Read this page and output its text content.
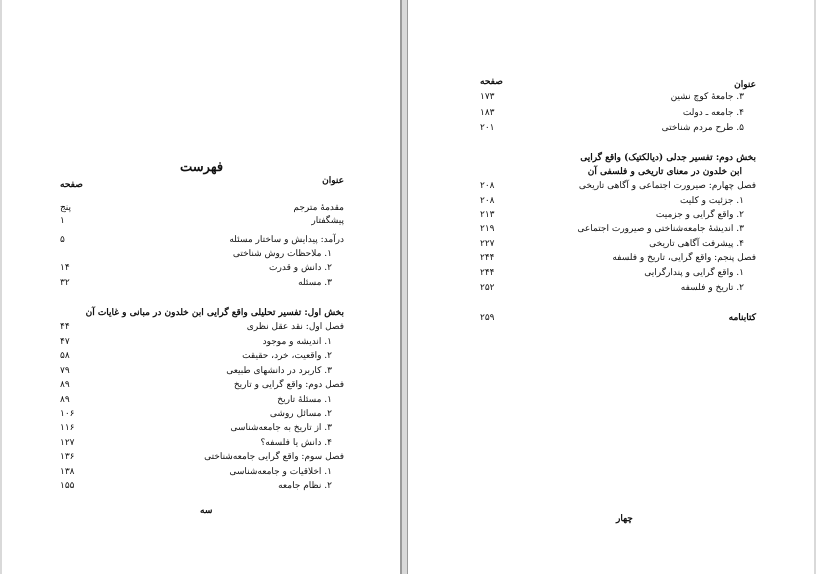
فهرست
عنوان
صفحه
مقدمهٔ مترجم
پنج
پیشگفتار
۱
درآمد: پیدایش و ساختار مسئله
۵
۱. ملاحظات روش شناختی
۲. دانش و قدرت
۱۴
۳. مسئله
۳۲
بخش اول: تفسیر تحلیلی واقع گرایی ابن خلدون در مبانی و غایات آن
فصل اول: نقد عقل نظری
۴۴
۱. اندیشه و موجود
۴۷
۲. واقعیت، خرد، حقیقت
۵۸
۳. کاربرد در دانشهای طبیعی
۷۹
فصل دوم: واقع گرایی و تاریخ
۸۹
۱. مسئلهٔ تاریخ
۸۹
۲. مسائل روشی
۱۰۶
۳. از تاریخ به جامعه‌شناسی
۱۱۶
۴. دانش یا فلسفه؟
۱۲۷
فصل سوم: واقع گرایی جامعه‌شناختی
۱۳۶
۱. اخلاقیات و جامعه‌شناسی
۱۳۸
۲. نظام جامعه
۱۵۵
سه
عنوان
صفحه
۳. جامعهٔ کوچ نشین
۱۷۳
۴. جامعه ـ دولت
۱۸۳
۵. طرح مردم شناختی
۲۰۱
بخش دوم: تفسیر جدلی (دیالکتیک) واقع گرایی
ابن خلدون در معنای تاریخی و فلسفی آن
فصل چهارم: صیرورت اجتماعی و آگاهی تاریخی
۲۰۸
۱. جزئیت و کلیت
۲۰۸
۲. واقع گرایی و جزمیت
۲۱۳
۳. اندیشهٔ جامعه‌شناختی و صیرورت اجتماعی
۲۱۹
۴. پیشرفت آگاهی تاریخی
۲۲۷
فصل پنجم: واقع گرایی، تاریخ و فلسفه
۲۴۴
۱. واقع گرایی و پندارگرایی
۲۴۴
۲. تاریخ و فلسفه
۲۵۲
کتابنامه
۲۵۹
چهار
